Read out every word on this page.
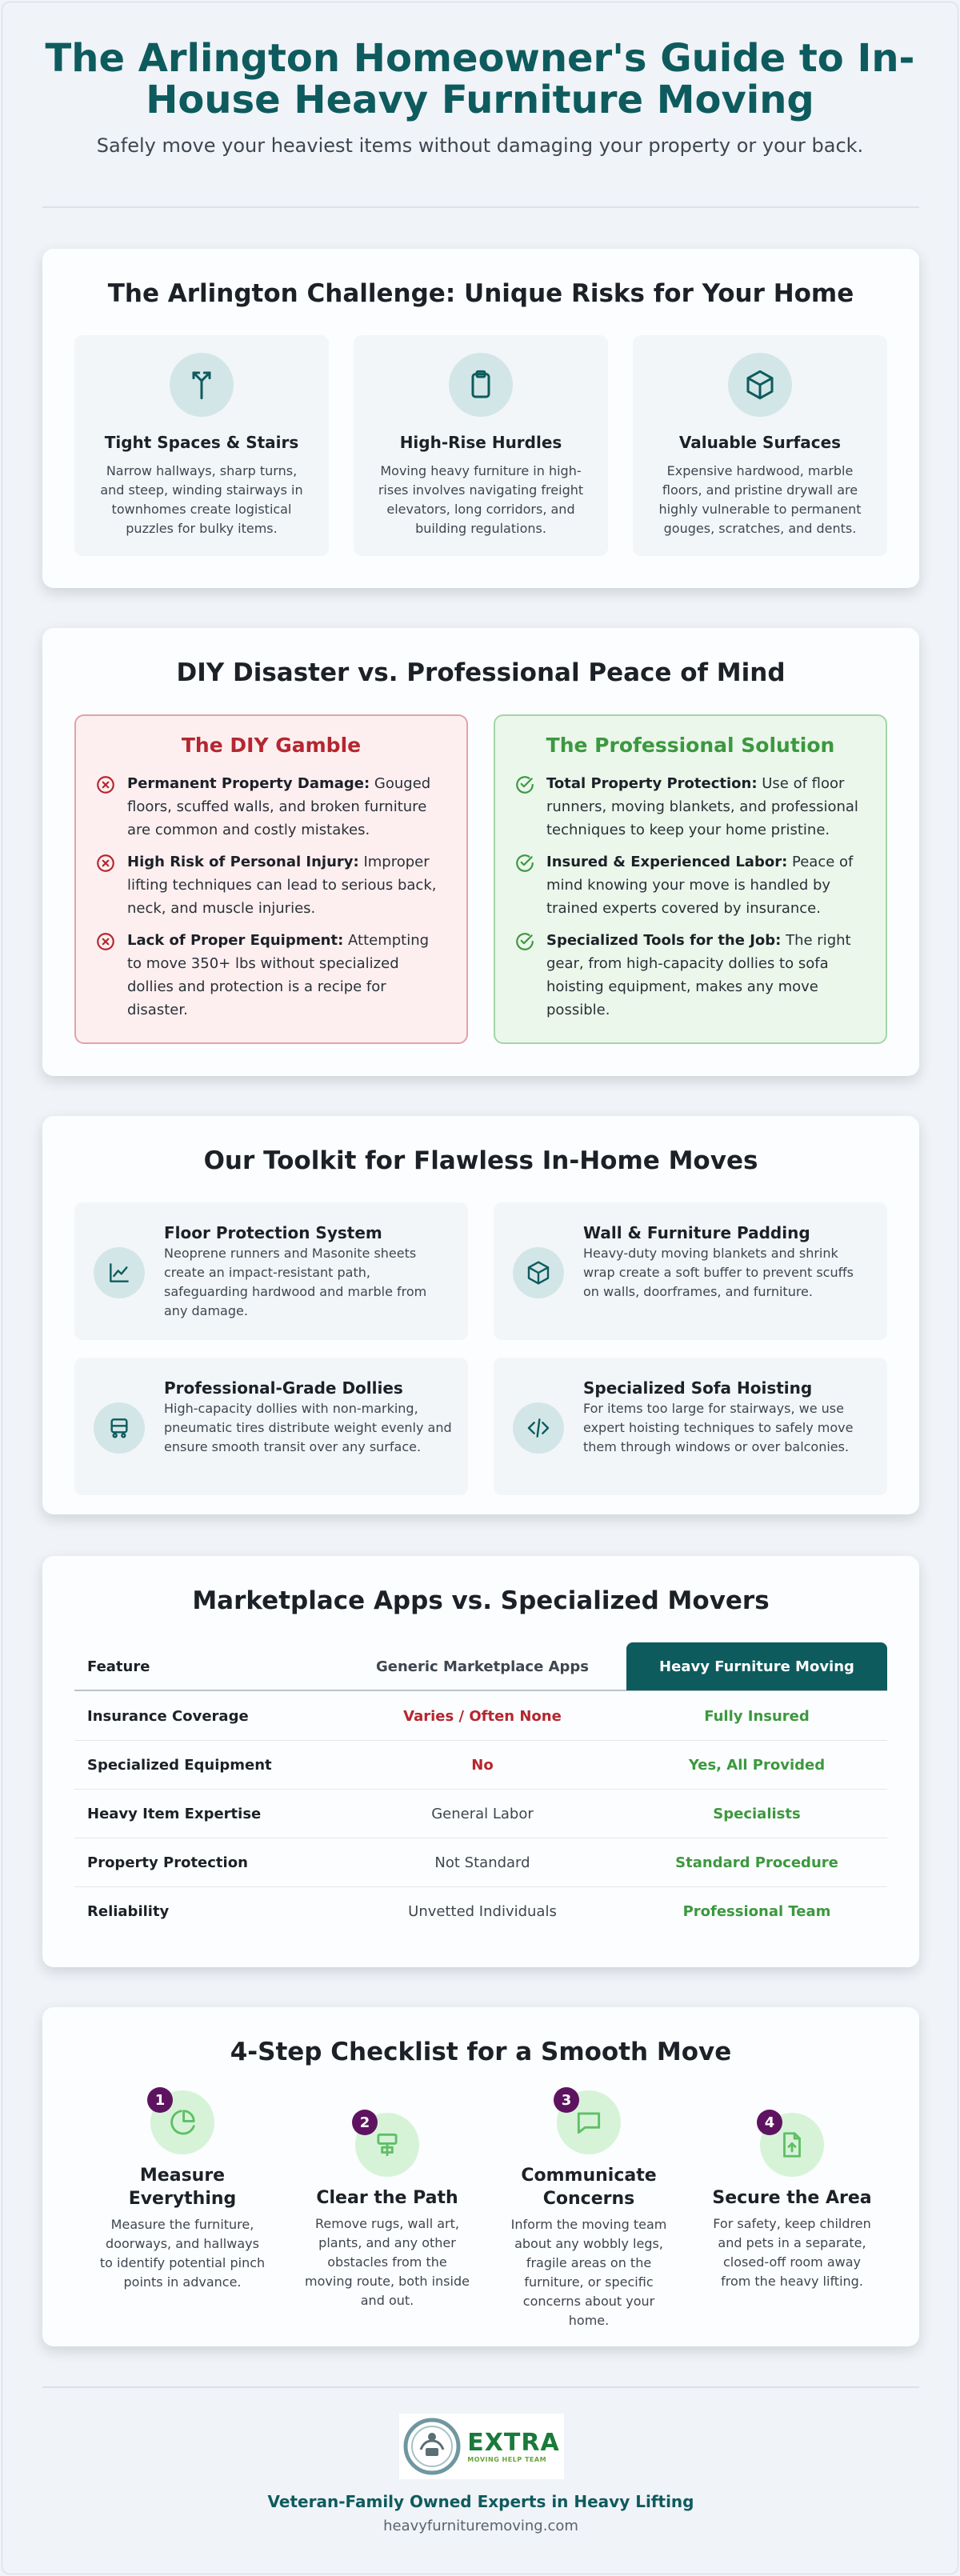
The Arlington Homeowner's Guide to In-House Heavy Furniture Moving

Safely move your heaviest items without damaging your property or your back.

The Arlington Challenge: Unique Risks for Your Home
Tight Spaces & Stairs
Narrow hallways, sharp turns, and steep, winding stairways in townhomes create logistical puzzles for bulky items.
High-Rise Hurdles
Moving heavy furniture in high-rises involves navigating freight elevators, long corridors, and building regulations.
Valuable Surfaces
Expensive hardwood, marble floors, and pristine drywall are highly vulnerable to permanent gouges, scratches, and dents.
DIY Disaster vs. Professional Peace of Mind
The DIY Gamble
Permanent Property Damage: Gouged floors, scuffed walls, and broken furniture are common and costly mistakes.
High Risk of Personal Injury: Improper lifting techniques can lead to serious back, neck, and muscle injuries.
Lack of Proper Equipment: Attempting to move 350+ lbs without specialized dollies and protection is a recipe for disaster.
The Professional Solution
Total Property Protection: Use of floor runners, moving blankets, and professional techniques to keep your home pristine.
Insured & Experienced Labor: Peace of mind knowing your move is handled by trained experts covered by insurance.
Specialized Tools for the Job: The right gear, from high-capacity dollies to sofa hoisting equipment, makes any move possible.
Our Toolkit for Flawless In-Home Moves
Floor Protection System
Neoprene runners and Masonite sheets create an impact-resistant path, safeguarding hardwood and marble from any damage.
Wall & Furniture Padding
Heavy-duty moving blankets and shrink wrap create a soft buffer to prevent scuffs on walls, doorframes, and furniture.
Professional-Grade Dollies
High-capacity dollies with non-marking, pneumatic tires distribute weight evenly and ensure smooth transit over any surface.
Specialized Sofa Hoisting
For items too large for stairways, we use expert hoisting techniques to safely move them through windows or over balconies.
Marketplace Apps vs. Specialized Movers
Feature	Generic Marketplace Apps	Heavy Furniture Moving
Insurance Coverage	Varies / Often None	Fully Insured
Specialized Equipment	No	Yes, All Provided
Heavy Item Expertise	General Labor	Specialists
Property Protection	Not Standard	Standard Procedure
Reliability	Unvetted Individuals	Professional Team
4-Step Checklist for a Smooth Move
1
Measure Everything
Measure the furniture, doorways, and hallways to identify potential pinch points in advance.
2
Clear the Path
Remove rugs, wall art, plants, and any other obstacles from the moving route, both inside and out.
3
Communicate Concerns
Inform the moving team about any wobbly legs, fragile areas on the furniture, or specific concerns about your home.
4
Secure the Area
For safety, keep children and pets in a separate, closed-off room away from the heavy lifting.
EXTRA
MOVING HELP TEAM
Veteran-Family Owned Experts in Heavy Lifting
heavyfurnituremoving.com
